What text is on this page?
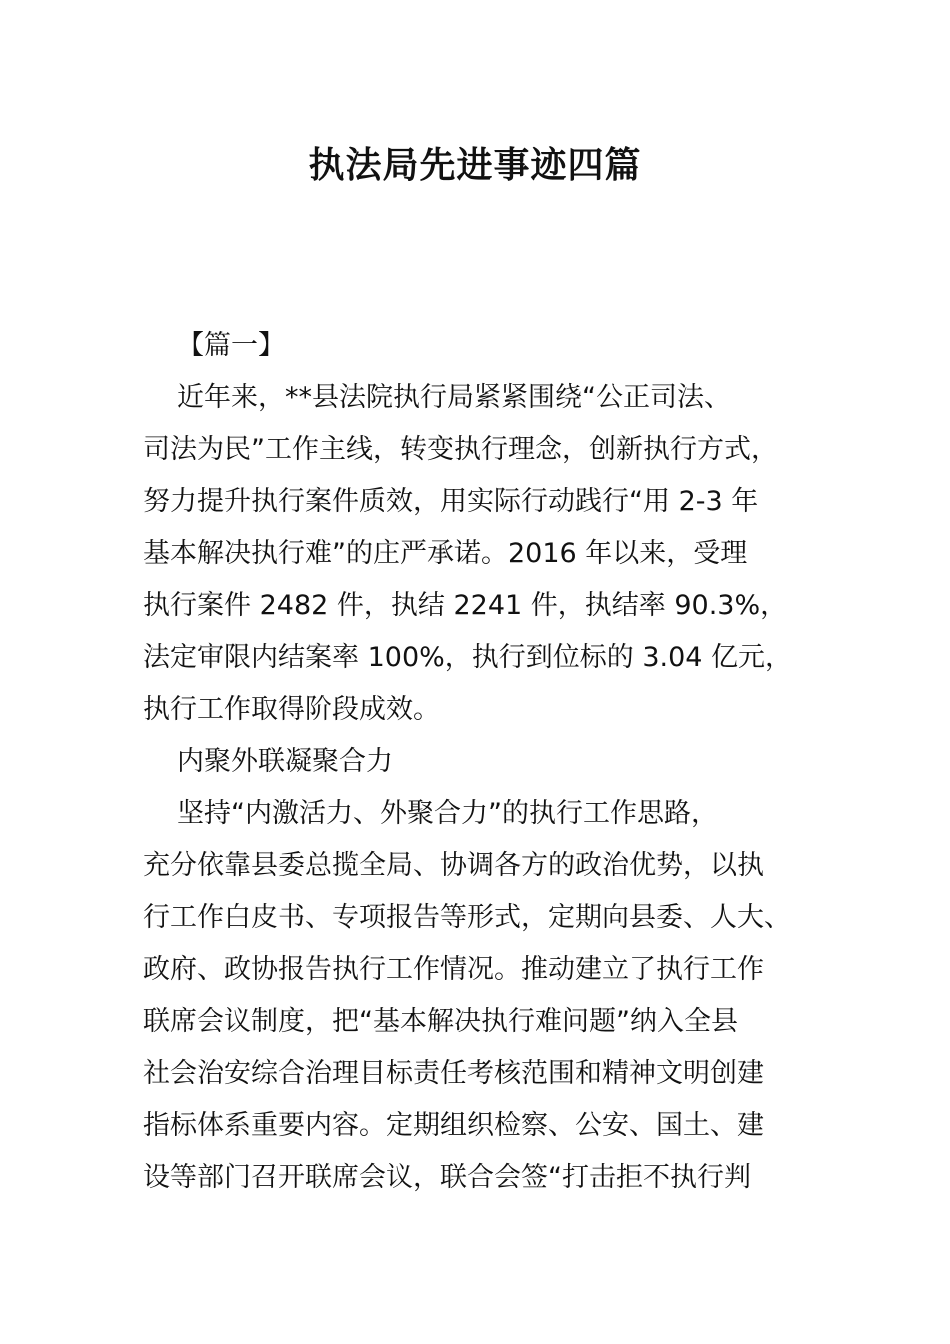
执法局先进事迹四篇
【篇一】
近年来，**县法院执行局紧紧围绕“公正司法、
司法为民”工作主线，转变执行理念，创新执行方式，
努力提升执行案件质效，用实际行动践行“用 2-3 年
基本解决执行难”的庄严承诺。2016 年以来，受理
执行案件 2482 件，执结 2241 件，执结率 90.3%，
法定审限内结案率 100%，执行到位标的 3.04 亿元，
执行工作取得阶段成效。
内聚外联凝聚合力
坚持“内激活力、外聚合力”的执行工作思路，
充分依靠县委总揽全局、协调各方的政治优势，以执
行工作白皮书、专项报告等形式，定期向县委、人大、
政府、政协报告执行工作情况。推动建立了执行工作
联席会议制度，把“基本解决执行难问题”纳入全县
社会治安综合治理目标责任考核范围和精神文明创建
指标体系重要内容。定期组织检察、公安、国土、建
设等部门召开联席会议，联合会签“打击拒不执行判
